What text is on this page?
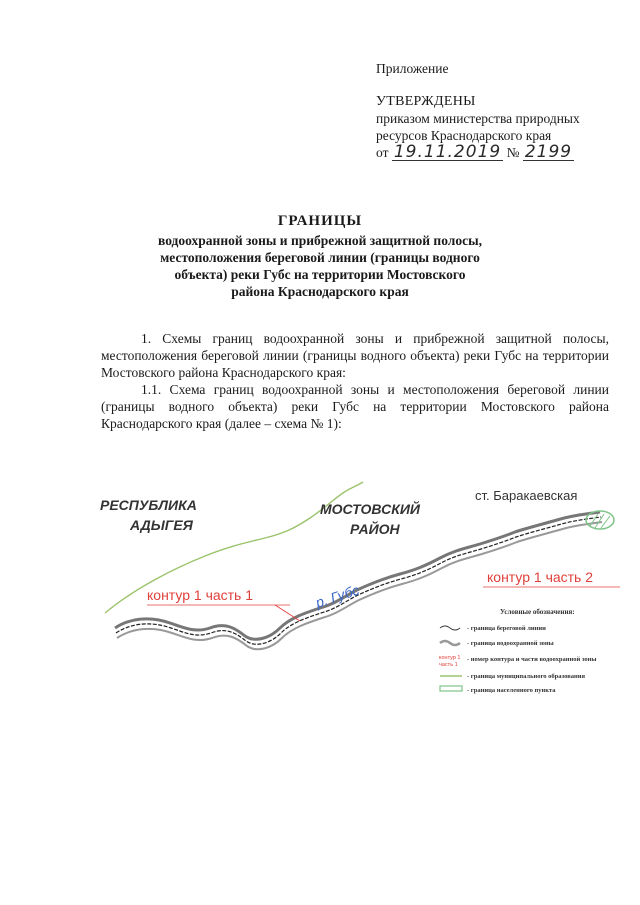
Приложение
УТВЕРЖДЕНЫ
приказом министерства природных
ресурсов Краснодарского края
от 19.11.2019 № 2199
ГРАНИЦЫ
водоохранной зоны и прибрежной защитной полосы,
местоположения береговой линии (границы водного
объекта) реки Губс на территории Мостовского
района Краснодарского края

1. Схемы границ водоохранной зоны и прибрежной защитной полосы, местоположения береговой линии (границы водного объекта) реки Губс на территории Мостовского района Краснодарского края:

1.1. Схема границ водоохранной зоны и местоположения береговой линии (границы водного объекта) реки Губс на территории Мостовского района Краснодарского края (далее – схема № 1):

РЕСПУБЛИКА
АДЫГЕЯ
МОСТОВСКИЙ
РАЙОН
ст. Баракаевская
контур 1 часть 1
контур 1 часть 2
р. Губс
Условные обозначения:
- граница береговой линии
- граница водоохранной зоны
контур 1
часть 1
- номер контура и части водоохранной зоны
- граница муниципального образования
- граница населенного пункта
